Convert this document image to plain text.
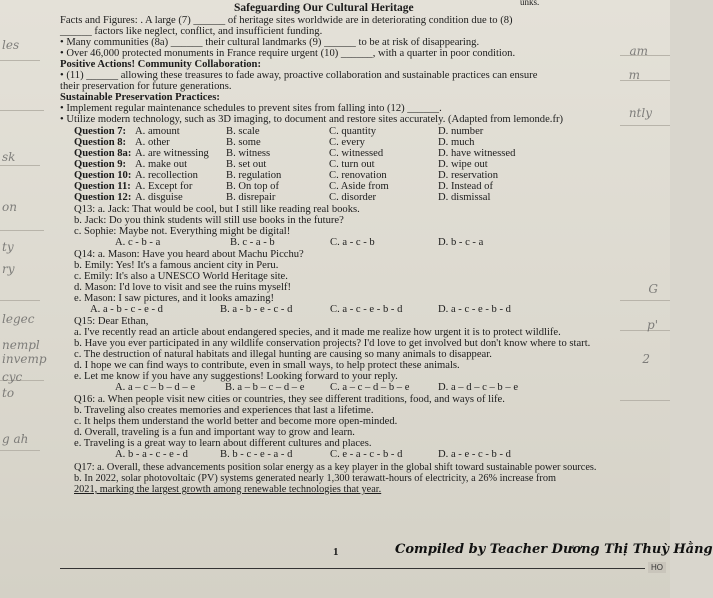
les
sk
on
ty
ry
legec
nempl
invemp
cyc
to
g ah
am
m
ntly
G
p'
2
unks.
Safeguarding Our Cultural Heritage
Facts and Figures: . A large (7) ______ of heritage sites worldwide are in deteriorating condition due to (8)
______ factors like neglect, conflict, and insufficient funding.
• Many communities (8a) ______ their cultural landmarks (9) ______ to be at risk of disappearing.
• Over 46,000 protected monuments in France require urgent (10) ______, with a quarter in poor condition.
Positive Actions! Community Collaboration:
• (11) ______ allowing these treasures to fade away, proactive collaboration and sustainable practices can ensure
their preservation for future generations.
Sustainable Preservation Practices:
• Implement regular maintenance schedules to prevent sites from falling into (12) ______.
• Utilize modern technology, such as 3D imaging, to document and restore sites accurately. (Adapted from lemonde.fr)
Question 7: A. amount	B. scale	C. quantity	D. number
Question 8: A. other	B. some	C. every	D. much
Question 8a: A. are witnessing B. witness	C. witnessed	D. have witnessed
Question 9: A. make out	B. set out	C. turn out	D. wipe out
Question 10: A. recollection	B. regulation	C. renovation	D. reservation
Question 11: A. Except for	B. On top of	C. Aside from	D. Instead of
Question 12: A. disguise	B. disrepair	C. disorder	D. dismissal
Q13: a. Jack: That would be cool, but I still like reading real books.
b. Jack: Do you think students will still use books in the future?
c. Sophie: Maybe not. Everything might be digital!
A. c - b - a	B. c - a - b	C. a - c - b	D. b - c - a
Q14: a. Mason: Have you heard about Machu Picchu?
b. Emily: Yes! It's a famous ancient city in Peru.
c. Emily: It's also a UNESCO World Heritage site.
d. Mason: I'd love to visit and see the ruins myself!
e. Mason: I saw pictures, and it looks amazing!
A. a - b - c - e - d	B. a - b - e - c - d	C. a - c - e - b - d	D. a - c - e - b - d
Q15: Dear Ethan,
a. I've recently read an article about endangered species, and it made me realize how urgent it is to protect wildlife.
b. Have you ever participated in any wildlife conservation projects? I'd love to get involved but don't know where to start.
c. The destruction of natural habitats and illegal hunting are causing so many animals to disappear.
d. I hope we can find ways to contribute, even in small ways, to help protect these animals.
e. Let me know if you have any suggestions! Looking forward to your reply.
A. a – c – b – d – e	B. a – b – c – d – e C. a – c – d – b – e	D. a – d – c – b – e
Q16: a. When people visit new cities or countries, they see different traditions, food, and ways of life.
b. Traveling also creates memories and experiences that last a lifetime.
c. It helps them understand the world better and become more open-minded.
d. Overall, traveling is a fun and important way to grow and learn.
e. Traveling is a great way to learn about different cultures and places.
A. b - a - c - e - d	B. b - c - e - a - d	C. e - a - c - b - d	D. a - e - c - b - d
Q17: a. Overall, these advancements position solar energy as a key player in the global shift toward sustainable power sources.
b. In 2022, solar photovoltaic (PV) systems generated nearly 1,300 terawatt-hours of electricity, a 26% increase from
2021, marking the largest growth among renewable technologies that year.
1	Compiled by Teacher Dương Thị Thuỳ Hằng
HO
